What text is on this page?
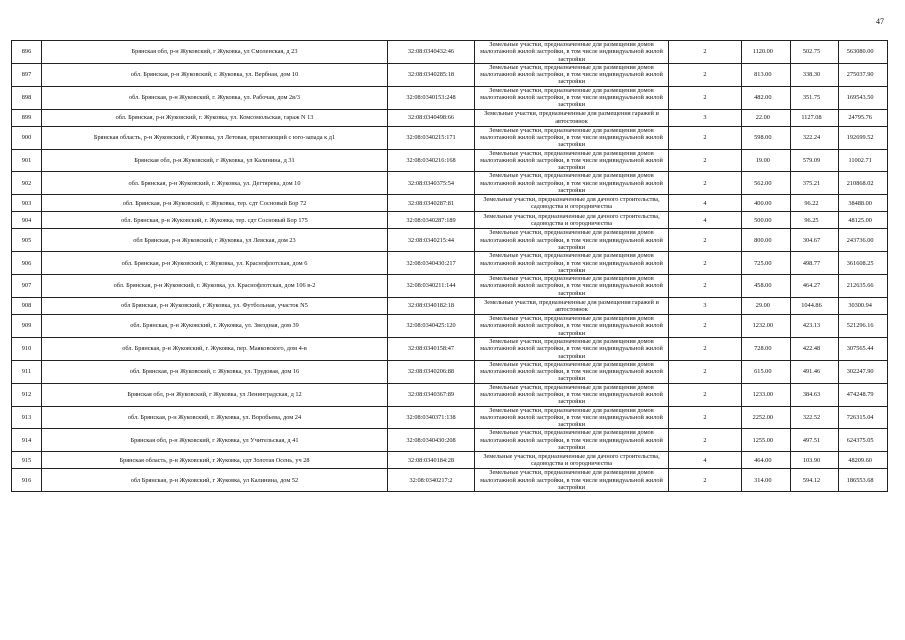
47
896	Брянская обл, р-н Жуковский, г Жуковка, ул Смоленская, д 23	32:08:0340432:46	Земельные участки, предназначенные для размещения домов малоэтажной жилой застройки, в том числе индивидуальной жилой застройки	2	1120.00	502.75	563080.00
897	обл. Брянская, р-н Жуковский, г. Жуковка, ул. Вербная, дом 10	32:08:0340285:18	Земельные участки, предназначенные для размещения домов малоэтажной жилой застройки, в том числе индивидуальной жилой застройки	2	813.00	338.30	275037.90
898	обл. Брянская, р-н Жуковский, г. Жуковка, ул. Рабочая, дом 2в/3	32:08:0340153:248	Земельные участки, предназначенные для размещения домов малоэтажной жилой застройки, в том числе индивидуальной жилой застройки	2	482.00	351.75	169543.50
899	обл. Брянская, р-н Жуковский, г. Жуковка, ул. Комсомольская, гараж N 13	32:08:0340498:66	Земельные участки, предназначенные для размещения гаражей и автостоянок	3	22.00	1127.08	24795.76
900	Брянская область, р-н Жуковский, г Жуковка, ул Летовая, прилегающий с юго-запада к д1	32:08:0340215:171	Земельные участки, предназначенные для размещения домов малоэтажной жилой застройки, в том числе индивидуальной жилой застройки	2	598.00	322.24	192699.52
901	Брянская обл, р-н Жуковский, г Жуковка, ул Калинина, д 31	32:08:0340216:168	Земельные участки, предназначенные для размещения домов малоэтажной жилой застройки, в том числе индивидуальной жилой застройки	2	19.00	579.09	11002.71
902	обл. Брянская, р-н Жуковский, г. Жуковка, ул. Дегтярева, дом 10	32:08:0340375:54	Земельные участки, предназначенные для размещения домов малоэтажной жилой застройки, в том числе индивидуальной жилой застройки	2	562.00	375.21	210868.02
903	обл. Брянская, р-н Жуковский, г. Жуковка, тер. сдт Сосновый Бор 72	32:08:0340287:81	Земельные участки, предназначенные для дачного строительства, садоводства и огородничества	4	400.00	96.22	38488.00
904	обл. Брянская, р-н Жуковский, г. Жуковка, тер. сдт Сосновый Бор 175	32:08:0340287:189	Земельные участки, предназначенные для дачного строительства, садоводства и огородничества	4	500.00	96.25	48125.00
905	обл Брянская, р-н Жуковский, г Жуковка, ул Левская, дом 23	32:08:0340215:44	Земельные участки, предназначенные для размещения домов малоэтажной жилой застройки, в том числе индивидуальной жилой застройки	2	800.00	304.67	243736.00
906	обл. Брянская, р-н Жуковский, г. Жуковка, ул. Краснофлотская, дом 6	32:08:0340430:217	Земельные участки, предназначенные для размещения домов малоэтажной жилой застройки, в том числе индивидуальной жилой застройки	2	725.00	498.77	361608.25
907	обл. Брянская, р-н Жуковский, г. Жуковка, ул. Краснофлотская, дом 106 в-2	32:08:0340211:144	Земельные участки, предназначенные для размещения домов малоэтажной жилой застройки, в том числе индивидуальной жилой застройки	2	458.00	464.27	212635.66
908	обл Брянская, р-н Жуковский, г Жуковка, ул. Футбольная, участок N5	32:08:0340182:18	Земельные участки, предназначенные для размещения гаражей и автостоянок	3	29.00	1044.86	30300.94
909	обл. Брянская, р-н Жуковский, г. Жуковка, ул. Звездная, дом 39	32:08:0340425:120	Земельные участки, предназначенные для размещения домов малоэтажной жилой застройки, в том числе индивидуальной жилой застройки	2	1232.00	423.13	521296.16
910	обл. Брянская, р-н Жуковский, г. Жуковка, пер. Маяковского, дом 4-в	32:08:0340158:47	Земельные участки, предназначенные для размещения домов малоэтажной жилой застройки, в том числе индивидуальной жилой застройки	2	728.00	422.48	307565.44
911	обл. Брянская, р-н Жуковский, г. Жуковка, ул. Трудовая, дом 16	32:08:0340206:88	Земельные участки, предназначенные для размещения домов малоэтажной жилой застройки, в том числе индивидуальной жилой застройки	2	615.00	491.46	302247.90
912	Брянская обл, р-н Жуковский, г Жуковка, ул Ленинградская, д 12	32:08:0340367:89	Земельные участки, предназначенные для размещения домов малоэтажной жилой застройки, в том числе индивидуальной жилой застройки	2	1233.00	384.63	474248.79
913	обл. Брянская, р-н Жуковский, г. Жуковка, ул. Воробьева, дом 24	32:08:0340371:138	Земельные участки, предназначенные для размещения домов малоэтажной жилой застройки, в том числе индивидуальной жилой застройки	2	2252.00	322.52	726315.04
914	Брянская обл, р-н Жуковский, г Жуковка, ул Учительская, д 41	32:08:0340430:208	Земельные участки, предназначенные для размещения домов малоэтажной жилой застройки, в том числе индивидуальной жилой застройки	2	1255.00	497.51	624375.05
915	Брянская область, р-н Жуковский, г Жуковка, сдт Золотая Осень, уч 28	32:08:0340184:28	Земельные участки, предназначенные для дачного строительства, садоводства и огородничества	4	464.00	103.90	48209.60
916	обл Брянская, р-н Жуковский, г Жуковка, ул Калинина, дом 52	32:08:0340217:2	Земельные участки, предназначенные для размещения домов малоэтажной жилой застройки, в том числе индивидуальной жилой застройки	2	314.00	594.12	186553.68
